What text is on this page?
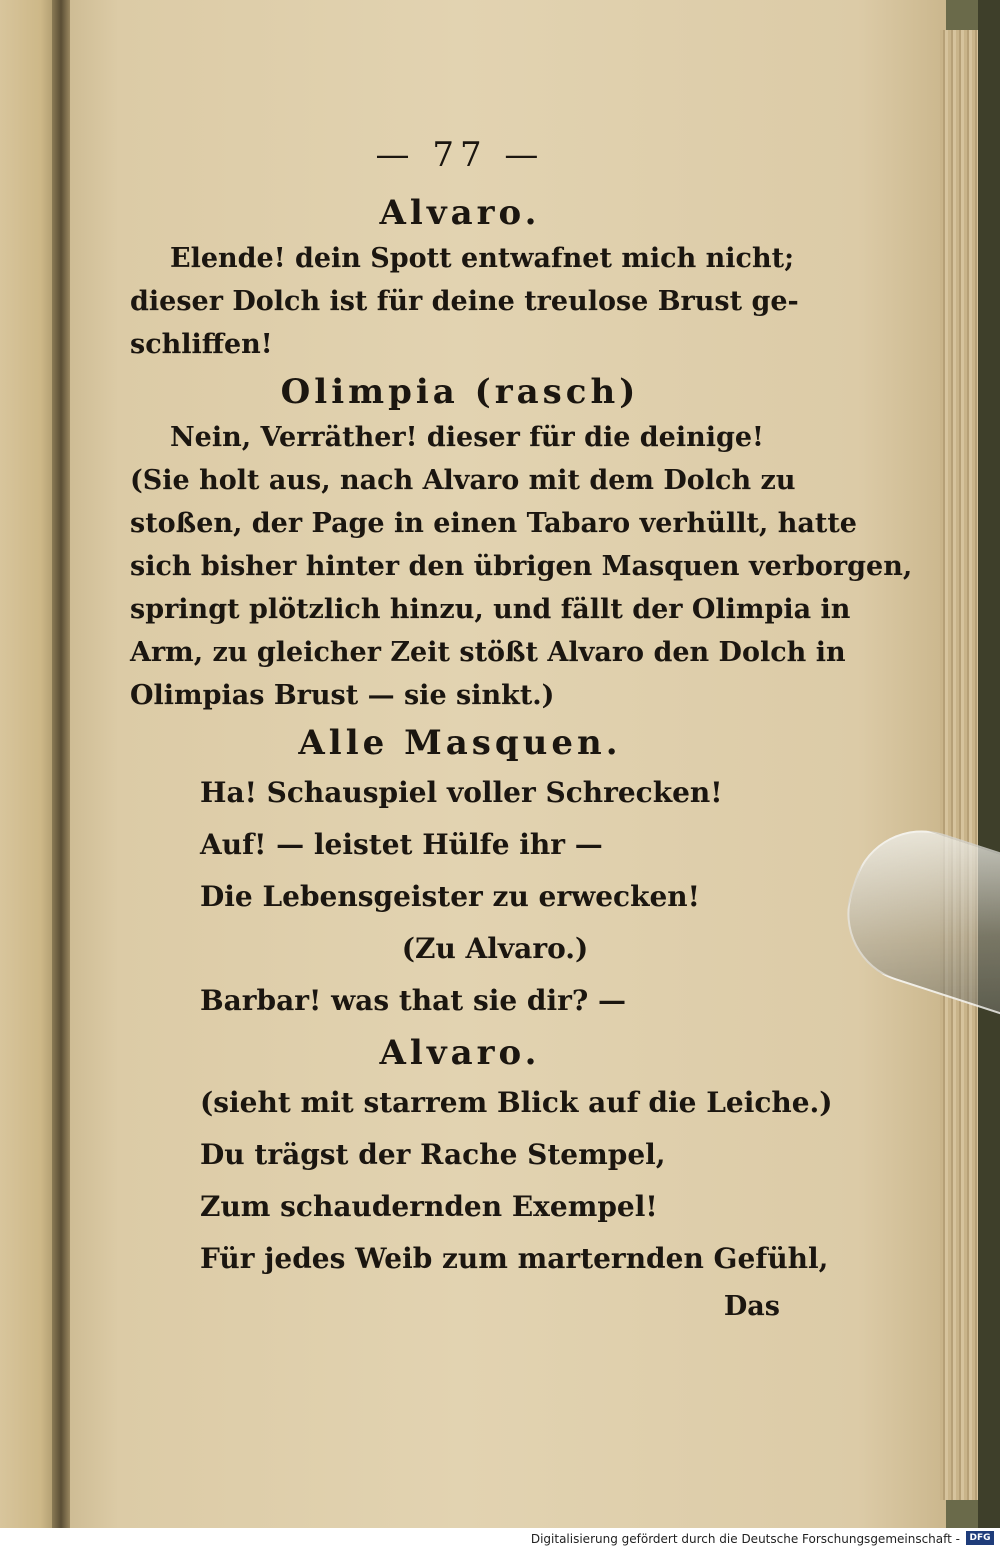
— 77 —
Alvaro.
Elende! dein Spott entwafnet mich nicht;
dieser Dolch ist für deine treulose Brust ge-
schliffen!
Olimpia (rasch)
Nein, Verräther! dieser für die deinige!
(Sie holt aus, nach Alvaro mit dem Dolch zu
stoßen, der Page in einen Tabaro verhüllt, hatte
sich bisher hinter den übrigen Masquen verborgen,
springt plötzlich hinzu, und fällt der Olimpia in
Arm, zu gleicher Zeit stößt Alvaro den Dolch in
Olimpias Brust — sie sinkt.)
Alle Masquen.
Ha! Schauspiel voller Schrecken!
Auf! — leistet Hülfe ihr —
Die Lebensgeister zu erwecken!
(Zu Alvaro.)
Barbar! was that sie dir? —
Alvaro.
(sieht mit starrem Blick auf die Leiche.)
Du trägst der Rache Stempel,
Zum schaudernden Exempel!
Für jedes Weib zum marternden Gefühl,
Das
Digitalisierung gefördert durch die Deutsche Forschungsgemeinschaft -	DFG
